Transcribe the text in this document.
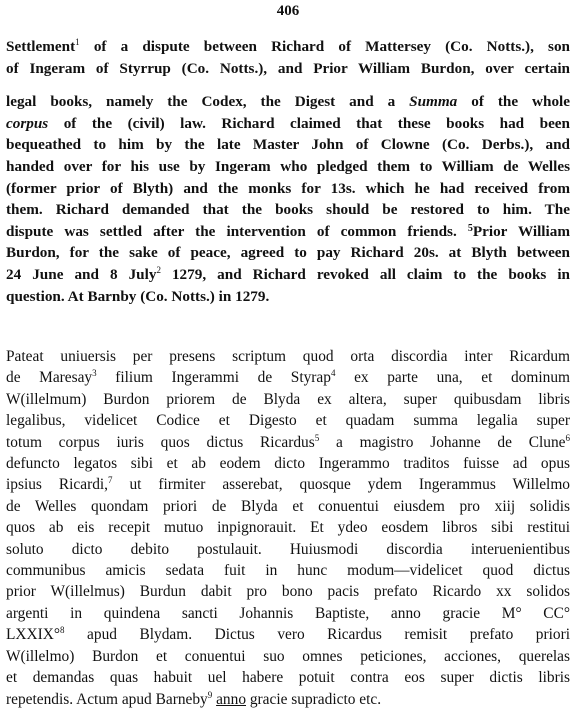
406
Settlement$^1$ of a dispute between Richard of Mattersey (Co. Notts.), son
of Ingeram of Styrrup (Co. Notts.), and Prior William Burdon, over certain
legal books, namely the Codex, the Digest and a Summa of the whole
corpus of the (civil) law. Richard claimed that these books had been
bequeathed to him by the late Master John of Clowne (Co. Derbs.), and
handed over for his use by Ingeram who pledged them to William de Welles
(former prior of Blyth) and the monks for 13s. which he had received from
them. Richard demanded that the books should be restored to him. The
dispute was settled after the intervention of common friends. $^5$Prior William
Burdon, for the sake of peace, agreed to pay Richard 20s. at Blyth between
24 June and 8 July$^2$ 1279, and Richard revoked all claim to the books in
question. At Barnby (Co. Notts.) in 1279.
Pateat uniuersis per presens scriptum quod orta discordia inter Ricardum
de Maresay$^3$ filium Ingerammi de Styrap$^4$ ex parte una, et dominum
W(illelmum) Burdon priorem de Blyda ex altera, super quibusdam libris
legalibus, videlicet Codice et Digesto et quadam summa legalia super
totum corpus iuris quos dictus Ricardus$^5$ a magistro Johanne de Clune$^6$
defuncto legatos sibi et ab eodem dicto Ingerammo traditos fuisse ad opus
ipsius Ricardi,$^7$ ut firmiter asserebat, quosque ydem Ingerammus Willelmo
de Welles quondam priori de Blyda et conuentui eiusdem pro xiij solidis
quos ab eis recepit mutuo inpignorauit. Et ydeo eosdem libros sibi restitui
soluto dicto debito postulauit. Huiusmodi discordia interuenientibus
communibus amicis sedata fuit in hunc modum—videlicet quod dictus
prior W(illelmus) Burdun dabit pro bono pacis prefato Ricardo xx solidos
argenti in quindena sancti Johannis Baptiste, anno gracie M° CC°
LXXIX°$^8$ apud Blydam. Dictus vero Ricardus remisit prefato priori
W(illelmo) Burdon et conuentui suo omnes peticiones, acciones, querelas
et demandas quas habuit uel habere potuit contra eos super dictis libris
repetendis. Actum apud Barneby$^9$ anno gracie supradicto etc.
